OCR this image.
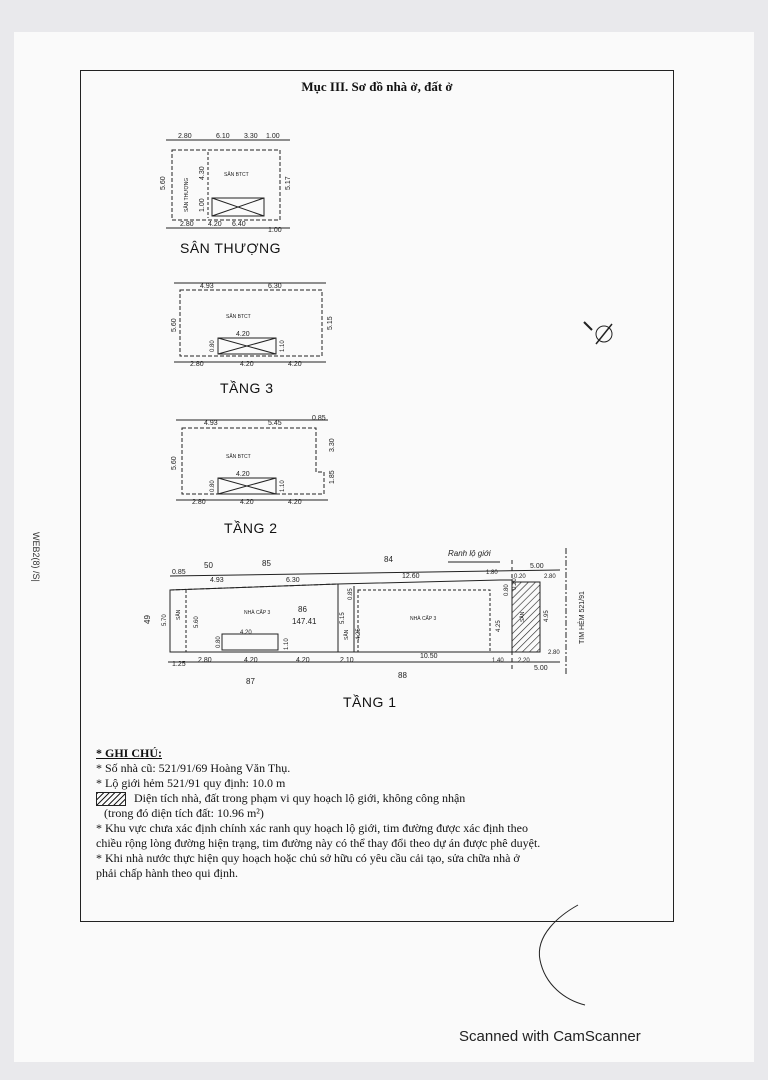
Mục III. Sơ đồ nhà ở, đất ở
WEB2(8) /S|
2.80	6.10 3.30 1.00
2.80 4.20 6.40
1.00
5.60
4.30
1.00
5.17
SÂN THƯỢNG
SÂN BTCT
4.93	6.30
2.80	4.20	4.20
4.20
0.80	1.10
5.60	5.15
SÂN BTCT
4.93	5.45
0.85
2.80	4.20	4.20
4.20
0.80	1.10
5.60
3.30
1.85
SÂN BTCT
Ranh lộ giới
TIM HẺM 521/91
50	85	84
49
86
87
88
147.41
NHÀ CẤP 3
NHÀ CẤP 3
SÂN
SÂN
SÂN
0.85
4.93	6.30
12.60	1.80
0.20	2.80
5.00
1.25
2.80	4.20	4.20	2.10
10.50
1.40 2.20
2.80
5.00
5.70	5.60
4.20
0.80	1.10
5.15
0.85
4.25
4.25
4.95
0.80
0.20
SÂN THƯỢNG
TẦNG 3
TẦNG 2
TẦNG 1
* GHI CHÚ:
* Số nhà cũ: 521/91/69 Hoàng Văn Thụ.
* Lộ giới hẻm 521/91 quy định: 10.0 m
Diện tích nhà, đất trong phạm vi quy hoạch lộ giới, không công nhận
(trong đó diện tích đất: 10.96 m²)
* Khu vực chưa xác định chính xác ranh quy hoạch lộ giới, tim đường được xác định theo
chiều rộng lòng đường hiện trạng, tim đường này có thể thay đổi theo dự án được phê duyệt.
* Khi nhà nước thực hiện quy hoạch hoặc chủ sở hữu có yêu cầu cải tạo, sửa chữa nhà ở
phải chấp hành theo qui định.
Scanned with CamScanner
